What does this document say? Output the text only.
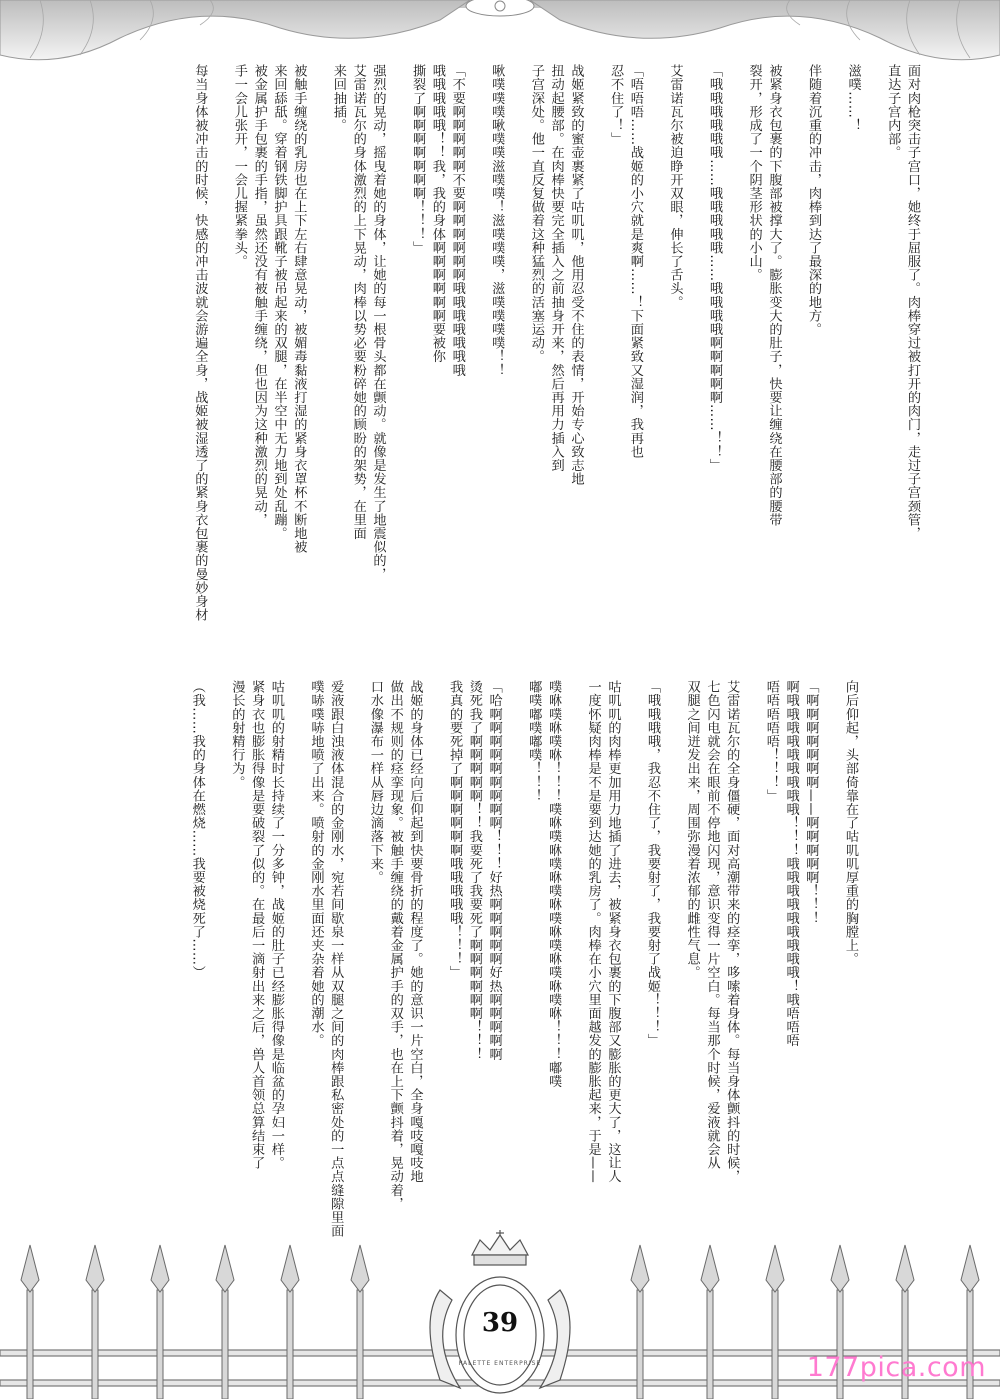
面对肉枪突击子宫口，她终于屈服了。肉棒穿过被打开的肉门，走过子宫颈管，
直达子宫内部。

滋噗……！

伴随着沉重的冲击，肉棒到达了最深的地方。

被紧身衣包裹的下腹部被撑大了。膨胀变大的肚子，快要让缠绕在腰部的腰带
裂开，形成了一个阴茎形状的小山。

「哦哦哦哦哦哦……哦哦哦哦哦……哦哦哦哦啊啊啊啊啊……！！」

艾雷诺瓦尔被迫睁开双眼，伸长了舌头。

「唔唔唔……战姬的小穴就是爽啊……！下面紧致又湿润，我再也
忍不住了！」

战姬紧致的蜜壶裹紧了咕叽叽，他用忍受不住的表情，开始专心致志地
扭动起腰部。在肉棒快要完全插入之前抽身开来，然后再用力插入到
子宫深处。他一直反复做着这种猛烈的活塞运动。

啾噗噗噗啾噗噗滋噗噗！滋噗噗噗，滋噗噗噗噗！！

「不要啊啊啊啊啊不要啊啊啊啊啊啊哦哦哦哦哦哦哦
哦哦哦哦哦！！我，我的身体啊啊啊啊啊啊要被你
撕裂了啊啊啊啊啊啊啊！！！」

强烈的晃动，摇曳着她的身体，让她的每一根骨头都在颤动。就像是发生了地震似的，
艾雷诺瓦尔的身体激烈的上下晃动，肉棒以势必要粉碎她的顾盼的架势，在里面
来回抽插。

被触手缠绕的乳房也在上下左右肆意晃动，被媚毒黏液打湿的紧身衣罩杯不断地被
来回舔舐。穿着钢铁脚护具跟靴子被吊起来的双腿，在半空中无力地到处乱蹦。
被金属护手包裹的手指，虽然还没有被触手缠绕，但也因为这种激烈的晃动，
手一会儿张开，一会儿握紧拳头。

每当身体被冲击的时候，快感的冲击波就会游遍全身，战姬被湿透了的紧身衣包裹的曼妙身材
向后仰起，头部倚靠在了咕叽叽厚重的胸膛上。

「啊啊啊啊啊啊啊——啊啊啊啊啊！！！
啊哦哦哦哦哦哦哦哦哦！！！哦哦哦哦哦哦哦哦哦！哦唔唔唔
唔唔唔唔唔！！！」

艾雷诺瓦尔的全身僵硬，面对高潮带来的痉挛，哆嗦着身体。每当身体颤抖的时候，
七色闪电就会在眼前不停地闪现，意识变得一片空白。每当那个时候，爱液就会从
双腿之间迸发出来，周围弥漫着浓郁的雌性气息。

「哦哦哦哦，我忍不住了，我要射了，我要射了战姬！！！」

咕叽叽的肉棒更加用力地插了进去，被紧身衣包裹的下腹部又膨胀的更大了，这让人
一度怀疑肉棒是不是要到达她的乳房了。肉棒在小穴里面越发的膨胀起来，于是——

噗咻噗咻噗咻！！！噗咻噗咻噗咻噗咻噗咻噗咻噗咻噗咻！！！嘟噗
嘟噗嘟噗嘟噗！！！

「哈啊啊啊啊啊啊啊啊啊！！！好热啊啊啊啊啊好热啊啊啊啊啊
烫死我了啊啊啊啊啊！！我要死了我要死了啊啊啊啊啊啊！！！
我真的要死掉了啊啊啊啊啊啊哦哦哦哦哦！！！」

战姬的身体已经向后仰起到快要骨折的程度了。她的意识一片空白，全身嘎吱嘎吱地
做出不规则的痉挛现象。被触手缠绕的戴着金属护手的双手，也在上下颤抖着，晃动着，
口水像瀑布一样从唇边滴落下来。

爱液跟白浊液体混合的金刚水，宛若间歇泉一样从双腿之间的肉棒跟私密处的一点点缝隙里面
噗哧噗哧地喷了出来。喷射的金刚水里面还夹杂着她的潮水。

咕叽叽的射精时长持续了一分多钟，战姬的肚子已经膨胀得像是临盆的孕妇一样。
紧身衣也膨胀得像是要破裂了似的。在最后一滴射出来之后，兽人首领总算结束了
漫长的射精行为。

（我……我的身体在燃烧……我要被烧死了……）
39
PALETTE ENTERPRISE	177pica.com
